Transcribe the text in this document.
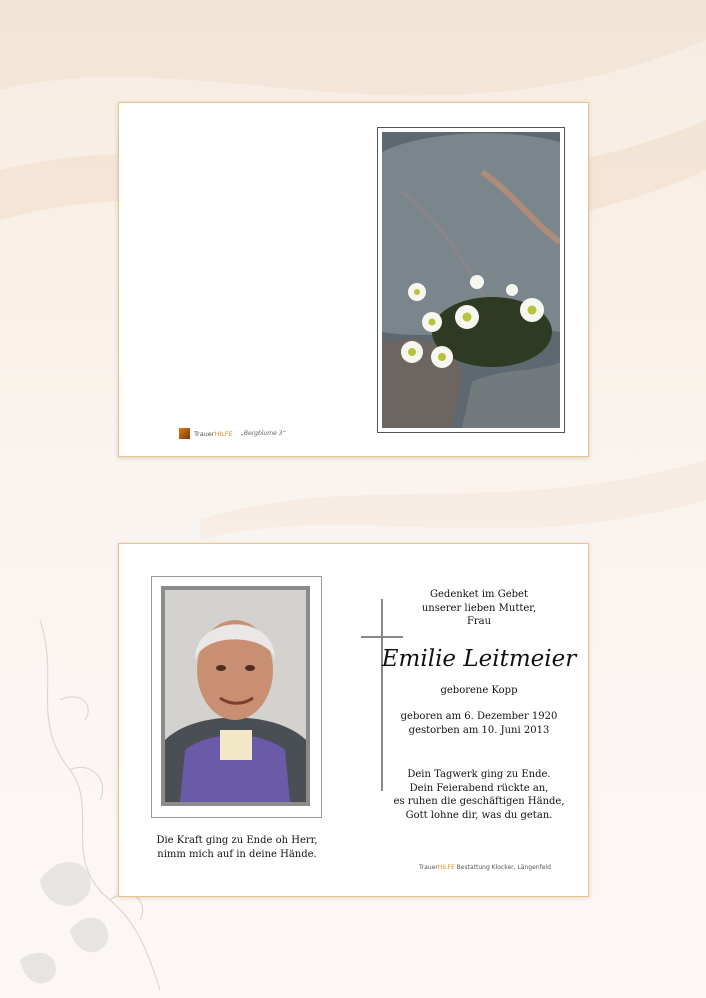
Trauer HILFE „Bergblume 3“
Die Kraft ging zu Ende oh Herr,
nimm mich auf in deine Hände.
Gedenket im Gebet
unserer lieben Mutter,
Frau
Emilie Leitmeier
geborene Kopp
geboren am 6. Dezember 1920
gestorben am 10. Juni 2013
Dein Tagwerk ging zu Ende.
Dein Feierabend rückte an,
es ruhen die geschäftigen Hände,
Gott lohne dir, was du getan.
Trauer HILFE Bestattung Klocker, Längenfeld
